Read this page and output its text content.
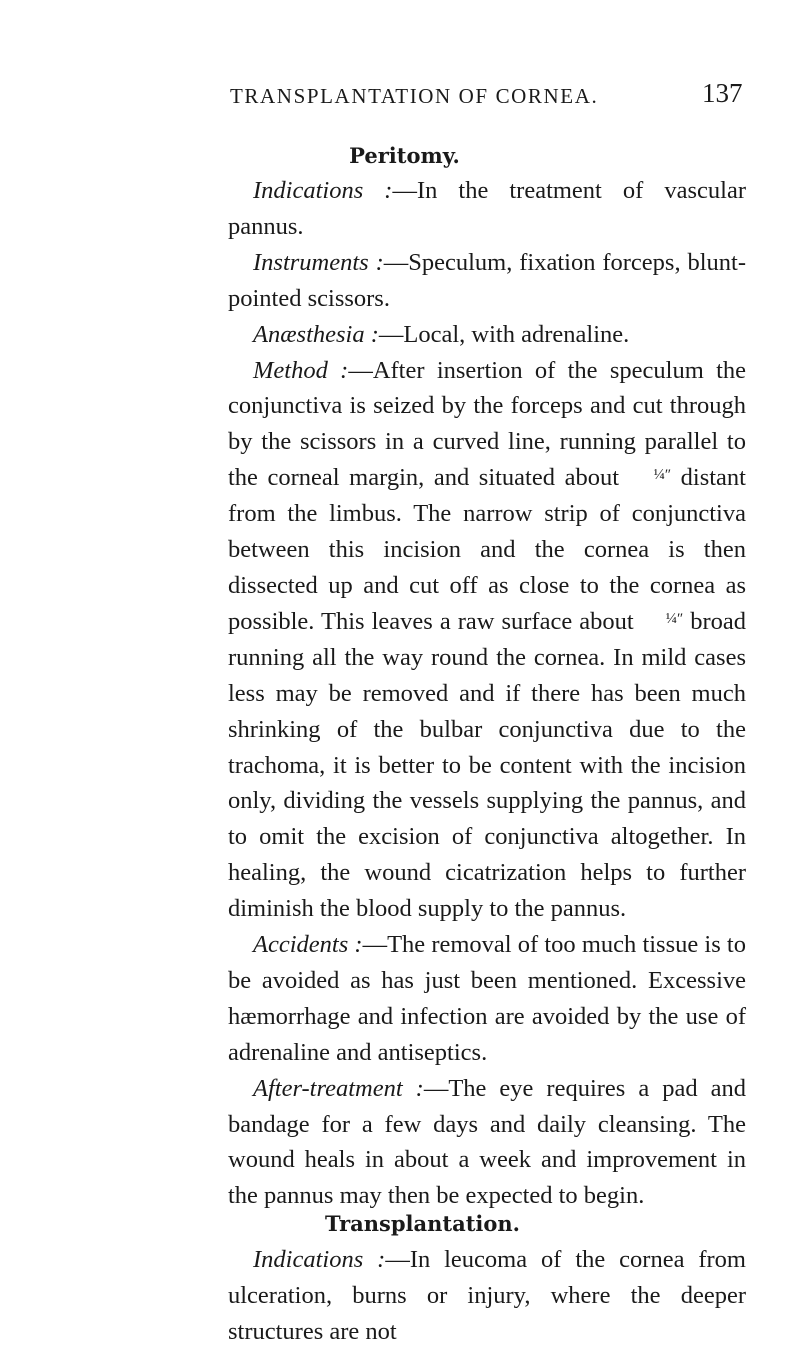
TRANSPLANTATION OF CORNEA.	137
Peritomy.

Indications :—In the treatment of vascular pannus.

Instruments :—Speculum, fixation forceps, blunt-pointed scissors.

Anæsthesia :—Local, with adrenaline.

Method :—After insertion of the speculum the conjunctiva is seized by the forceps and cut through by the scissors in a curved line, running parallel to the corneal margin, and situated about ¼″ distant from the limbus. The narrow strip of conjunctiva between this incision and the cornea is then dissected up and cut off as close to the cornea as possible. This leaves a raw surface about ¼″ broad running all the way round the cornea. In mild cases less may be removed and if there has been much shrinking of the bulbar conjunctiva due to the trachoma, it is better to be content with the incision only, dividing the vessels supplying the pannus, and to omit the excision of conjunctiva altogether. In healing, the wound cicatrization helps to further diminish the blood supply to the pannus.

Accidents :—The removal of too much tissue is to be avoided as has just been mentioned. Excessive hæmorrhage and infection are avoided by the use of adrenaline and antiseptics.

After-treatment :—The eye requires a pad and bandage for a few days and daily cleansing. The wound heals in about a week and improvement in the pannus may then be expected to begin.

Transplantation.

Indications :—In leucoma of the cornea from ulceration, burns or injury, where the deeper structures are not
